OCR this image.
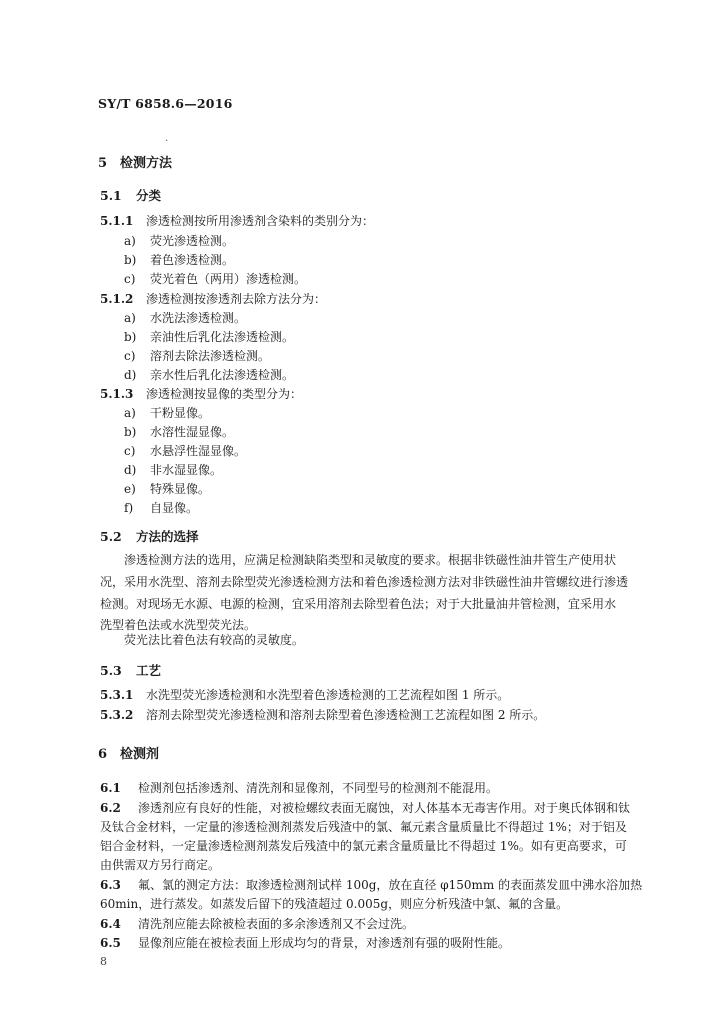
SY/T 6858.6—2016
·
5 检测方法
5.1 分类
5.1.1 渗透检测按所用渗透剂含染料的类别分为：
a) 荧光渗透检测。
b) 着色渗透检测。
c) 荧光着色（两用）渗透检测。
5.1.2 渗透检测按渗透剂去除方法分为：
a) 水洗法渗透检测。
b) 亲油性后乳化法渗透检测。
c) 溶剂去除法渗透检测。
d) 亲水性后乳化法渗透检测。
5.1.3 渗透检测按显像的类型分为：
a) 干粉显像。
b) 水溶性湿显像。
c) 水悬浮性湿显像。
d) 非水湿显像。
e) 特殊显像。
f) 自显像。
5.2 方法的选择
渗透检测方法的选用，应满足检测缺陷类型和灵敏度的要求。根据非铁磁性油井管生产使用状
况，采用水洗型、溶剂去除型荧光渗透检测方法和着色渗透检测方法对非铁磁性油井管螺纹进行渗透
检测。对现场无水源、电源的检测，宜采用溶剂去除型着色法；对于大批量油井管检测，宜采用水
洗型着色法或水洗型荧光法。
荧光法比着色法有较高的灵敏度。
5.3 工艺
5.3.1 水洗型荧光渗透检测和水洗型着色渗透检测的工艺流程如图 1 所示。
5.3.2 溶剂去除型荧光渗透检测和溶剂去除型着色渗透检测工艺流程如图 2 所示。
6 检测剂
6.1 检测剂包括渗透剂、清洗剂和显像剂，不同型号的检测剂不能混用。
6.2 渗透剂应有良好的性能，对被检螺纹表面无腐蚀，对人体基本无毒害作用。对于奥氏体钢和钛
及钛合金材料，一定量的渗透检测剂蒸发后残渣中的氯、氟元素含量质量比不得超过 1%；对于铝及
铝合金材料，一定量渗透检测剂蒸发后残渣中的氯元素含量质量比不得超过 1%。如有更高要求，可
由供需双方另行商定。
6.3 氟、氯的测定方法：取渗透检测剂试样 100g，放在直径 φ150mm 的表面蒸发皿中沸水浴加热
60min，进行蒸发。如蒸发后留下的残渣超过 0.005g，则应分析残渣中氯、氟的含量。
6.4 清洗剂应能去除被检表面的多余渗透剂又不会过洗。
6.5 显像剂应能在被检表面上形成均匀的背景，对渗透剂有强的吸附性能。
8
